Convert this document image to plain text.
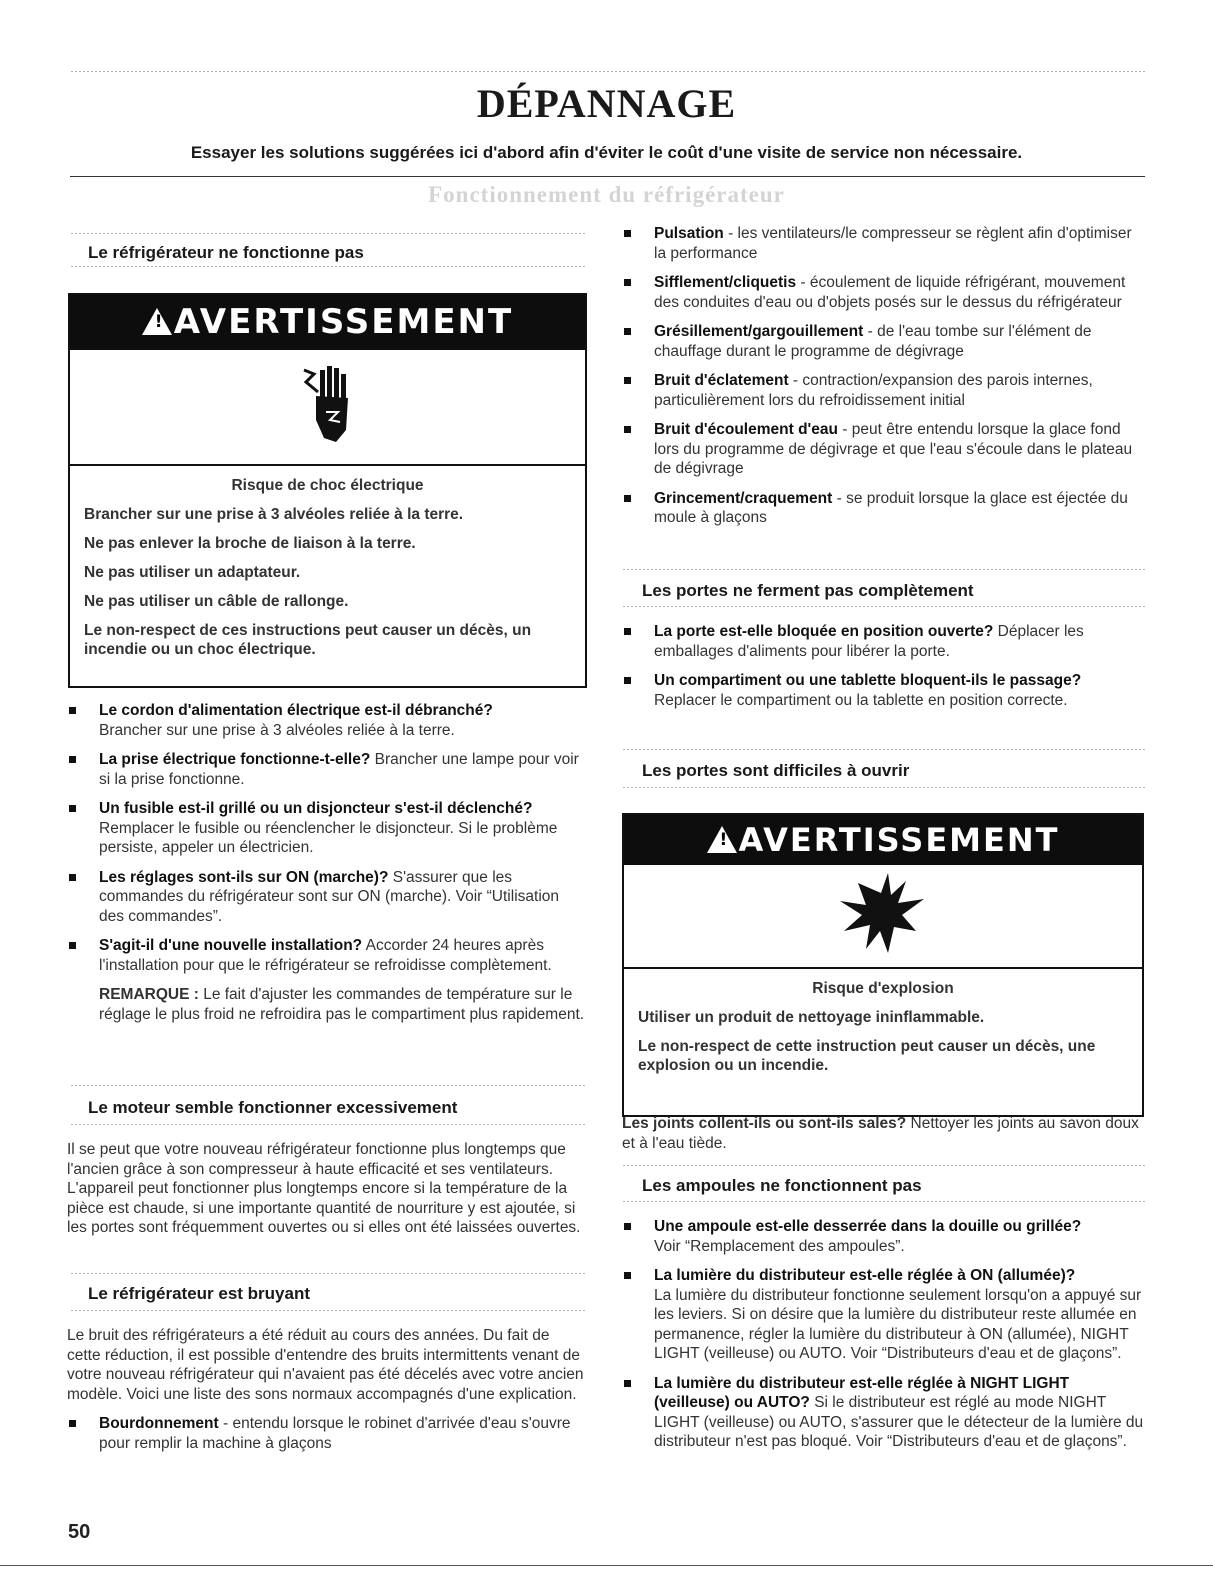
DÉPANNAGE

Essayer les solutions suggérées ici d'abord afin d'éviter le coût d'une visite de service non nécessaire.

Fonctionnement du réfrigérateur
Le réfrigérateur ne fonctionne pas
! AVERTISSEMENT

Risque de choc électrique

Brancher sur une prise à 3 alvéoles reliée à la terre.

Ne pas enlever la broche de liaison à la terre.

Ne pas utiliser un adaptateur.

Ne pas utiliser un câble de rallonge.

Le non-respect de ces instructions peut causer un décès, un incendie ou un choc électrique.

Le cordon d'alimentation électrique est-il débranché?
Brancher sur une prise à 3 alvéoles reliée à la terre.
La prise électrique fonctionne-t-elle? Brancher une lampe pour voir si la prise fonctionne.
Un fusible est-il grillé ou un disjoncteur s'est-il déclenché? Remplacer le fusible ou réenclencher le disjoncteur. Si le problème persiste, appeler un électricien.
Les réglages sont-ils sur ON (marche)? S'assurer que les commandes du réfrigérateur sont sur ON (marche). Voir “Utilisation des commandes”.
S'agit-il d'une nouvelle installation? Accorder 24 heures après l'installation pour que le réfrigérateur se refroidisse complètement.

REMARQUE : Le fait d'ajuster les commandes de température sur le réglage le plus froid ne refroidira pas le compartiment plus rapidement.

Le moteur semble fonctionner excessivement

Il se peut que votre nouveau réfrigérateur fonctionne plus longtemps que l'ancien grâce à son compresseur à haute efficacité et ses ventilateurs. L'appareil peut fonctionner plus longtemps encore si la température de la pièce est chaude, si une importante quantité de nourriture y est ajoutée, si les portes sont fréquemment ouvertes ou si elles ont été laissées ouvertes.

Le réfrigérateur est bruyant

Le bruit des réfrigérateurs a été réduit au cours des années. Du fait de cette réduction, il est possible d'entendre des bruits intermittents venant de votre nouveau réfrigérateur qui n'avaient pas été décelés avec votre ancien modèle. Voici une liste des sons normaux accompagnés d'une explication.

Bourdonnement - entendu lorsque le robinet d'arrivée d'eau s'ouvre pour remplir la machine à glaçons

50

Pulsation - les ventilateurs/le compresseur se règlent afin d'optimiser la performance
Sifflement/cliquetis - écoulement de liquide réfrigérant, mouvement des conduites d'eau ou d'objets posés sur le dessus du réfrigérateur
Grésillement/gargouillement - de l'eau tombe sur l'élément de chauffage durant le programme de dégivrage
Bruit d'éclatement - contraction/expansion des parois internes, particulièrement lors du refroidissement initial
Bruit d'écoulement d'eau - peut être entendu lorsque la glace fond lors du programme de dégivrage et que l'eau s'écoule dans le plateau de dégivrage
Grincement/craquement - se produit lorsque la glace est éjectée du moule à glaçons
Les portes ne ferment pas complètement
La porte est-elle bloquée en position ouverte? Déplacer les emballages d'aliments pour libérer la porte.
Un compartiment ou une tablette bloquent-ils le passage? Replacer le compartiment ou la tablette en position correcte.
Les portes sont difficiles à ouvrir
! AVERTISSEMENT

Risque d'explosion

Utiliser un produit de nettoyage ininflammable.

Le non-respect de cette instruction peut causer un décès, une explosion ou un incendie.

Les joints collent-ils ou sont-ils sales? Nettoyer les joints au savon doux et à l'eau tiède.

Les ampoules ne fonctionnent pas
Une ampoule est-elle desserrée dans la douille ou grillée?
Voir “Remplacement des ampoules”.
La lumière du distributeur est-elle réglée à ON (allumée)?
La lumière du distributeur fonctionne seulement lorsqu'on a appuyé sur les leviers. Si on désire que la lumière du distributeur reste allumée en permanence, régler la lumière du distributeur à ON (allumée), NIGHT LIGHT (veilleuse) ou AUTO. Voir “Distributeurs d'eau et de glaçons”.
La lumière du distributeur est-elle réglée à NIGHT LIGHT (veilleuse) ou AUTO? Si le distributeur est réglé au mode NIGHT LIGHT (veilleuse) ou AUTO, s'assurer que le détecteur de la lumière du distributeur n'est pas bloqué. Voir “Distributeurs d'eau et de glaçons”.
